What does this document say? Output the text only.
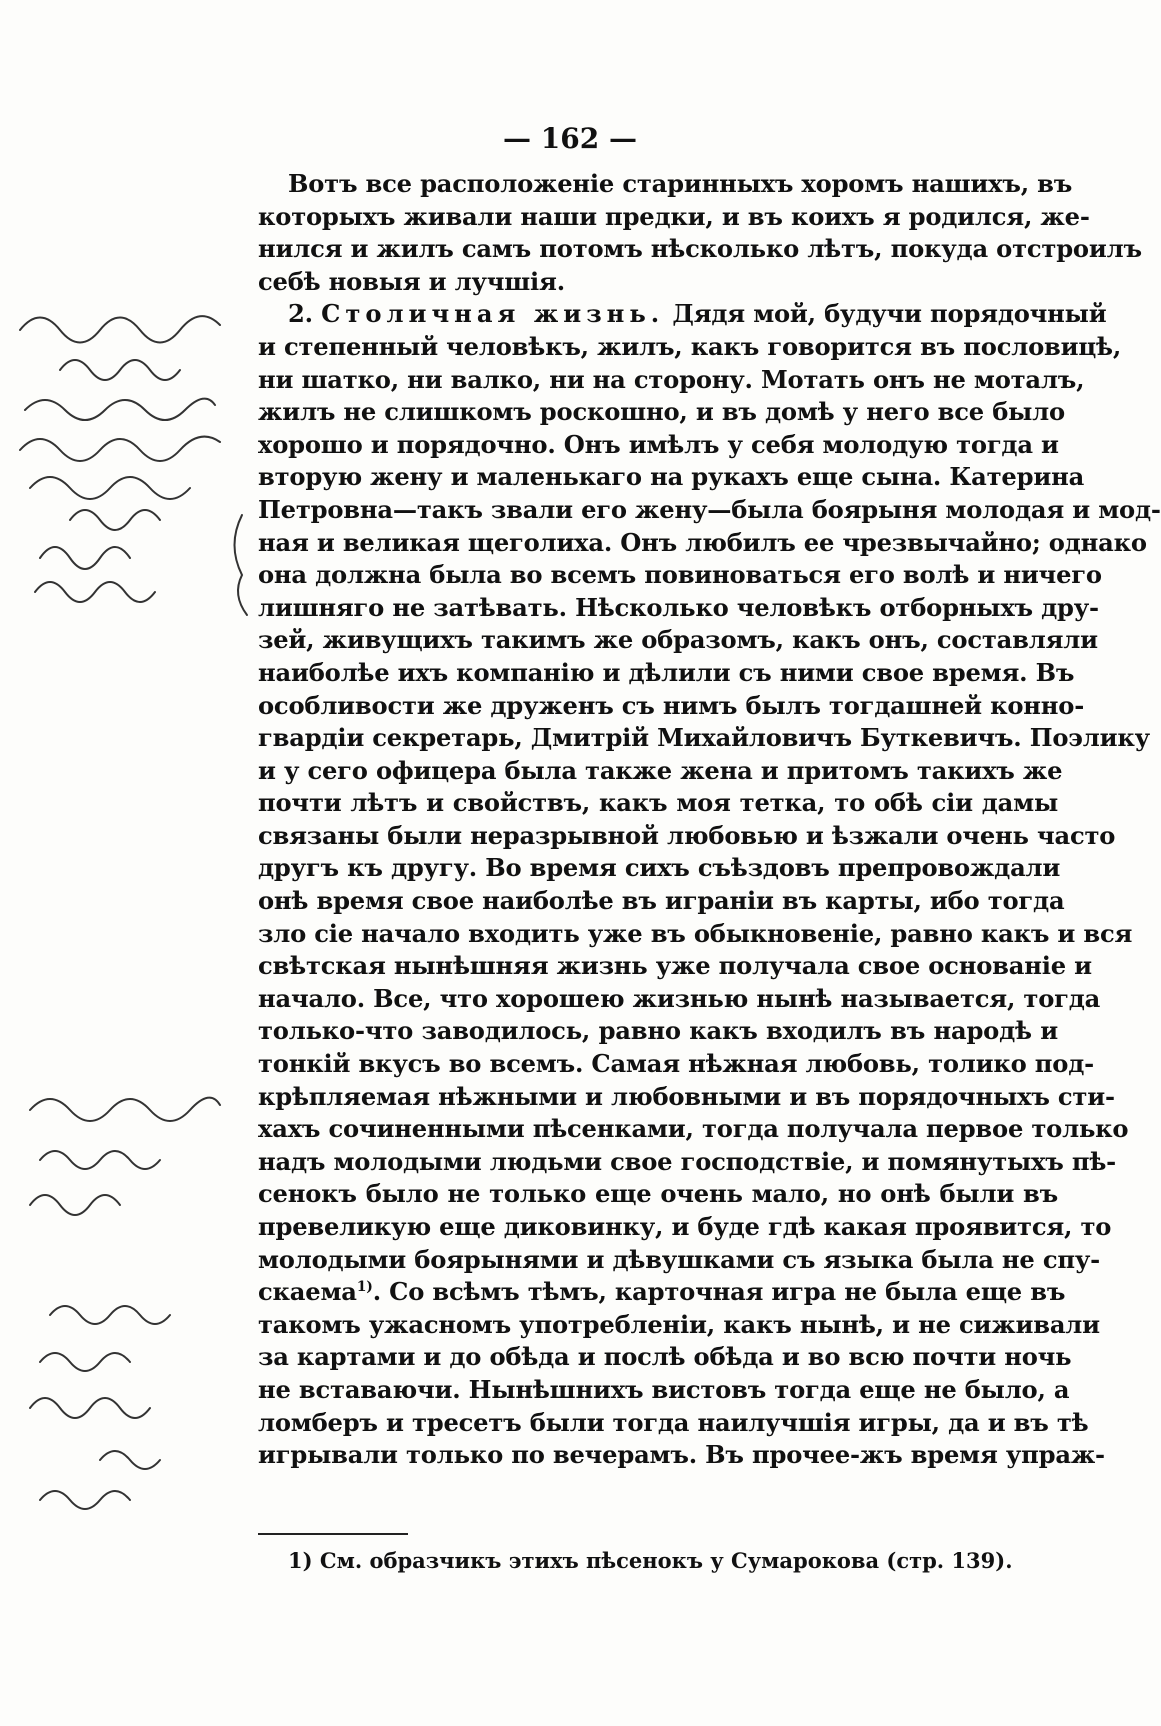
— 162 —
Вотъ все расположеніе старинныхъ хоромъ нашихъ, въ
которыхъ живали наши предки, и въ коихъ я родился, же-
нился и жилъ самъ потомъ нѣсколько лѣтъ, покуда отстроилъ
себѣ новыя и лучшія.
2. Столичная жизнь. Дядя мой, будучи порядочный
и степенный человѣкъ, жилъ, какъ говорится въ пословицѣ,
ни шатко, ни валко, ни на сторону. Мотать онъ не моталъ,
жилъ не слишкомъ роскошно, и въ домѣ у него все было
хорошо и порядочно. Онъ имѣлъ у себя молодую тогда и
вторую жену и маленькаго на рукахъ еще сына. Катерина
Петровна—такъ звали его жену—была боярыня молодая и мод-
ная и великая щеголиха. Онъ любилъ ее чрезвычайно; однако
она должна была во всемъ повиноваться его волѣ и ничего
лишняго не затѣвать. Нѣсколько человѣкъ отборныхъ дру-
зей, живущихъ такимъ же образомъ, какъ онъ, составляли
наиболѣе ихъ компанію и дѣлили съ ними свое время. Въ
особливости же друженъ съ нимъ былъ тогдашней конно-
гвардіи секретарь, Дмитрій Михайловичъ Буткевичъ. Поэлику
и у сего офицера была также жена и притомъ такихъ же
почти лѣтъ и свойствъ, какъ моя тетка, то обѣ сіи дамы
связаны были неразрывной любовью и ѣзжали очень часто
другъ къ другу. Во время сихъ съѣздовъ препровождали
онѣ время свое наиболѣе въ играніи въ карты, ибо тогда
зло сіе начало входить уже въ обыкновеніе, равно какъ и вся
свѣтская нынѣшняя жизнь уже получала свое основаніе и
начало. Все, что хорошею жизнью нынѣ называется, тогда
только-что заводилось, равно какъ входилъ въ народѣ и
тонкій вкусъ во всемъ. Самая нѣжная любовь, толико под-
крѣпляемая нѣжными и любовными и въ порядочныхъ сти-
хахъ сочиненными пѣсенками, тогда получала первое только
надъ молодыми людьми свое господствіе, и помянутыхъ пѣ-
сенокъ было не только еще очень мало, но онѣ были въ
превеликую еще диковинку, и буде гдѣ какая проявится, то
молодыми боярынями и дѣвушками съ языка была не спу-
скаема$^{1)}$. Со всѣмъ тѣмъ, карточная игра не была еще въ
такомъ ужасномъ употребленіи, какъ нынѣ, и не сиживали
за картами и до обѣда и послѣ обѣда и во всю почти ночь
не вставаючи. Нынѣшнихъ вистовъ тогда еще не было, а
ломберъ и тресетъ были тогда наилучшія игры, да и въ тѣ
игрывали только по вечерамъ. Въ прочее-жъ время упраж-
1) См. образчикъ этихъ пѣсенокъ у Сумарокова (стр. 139).
